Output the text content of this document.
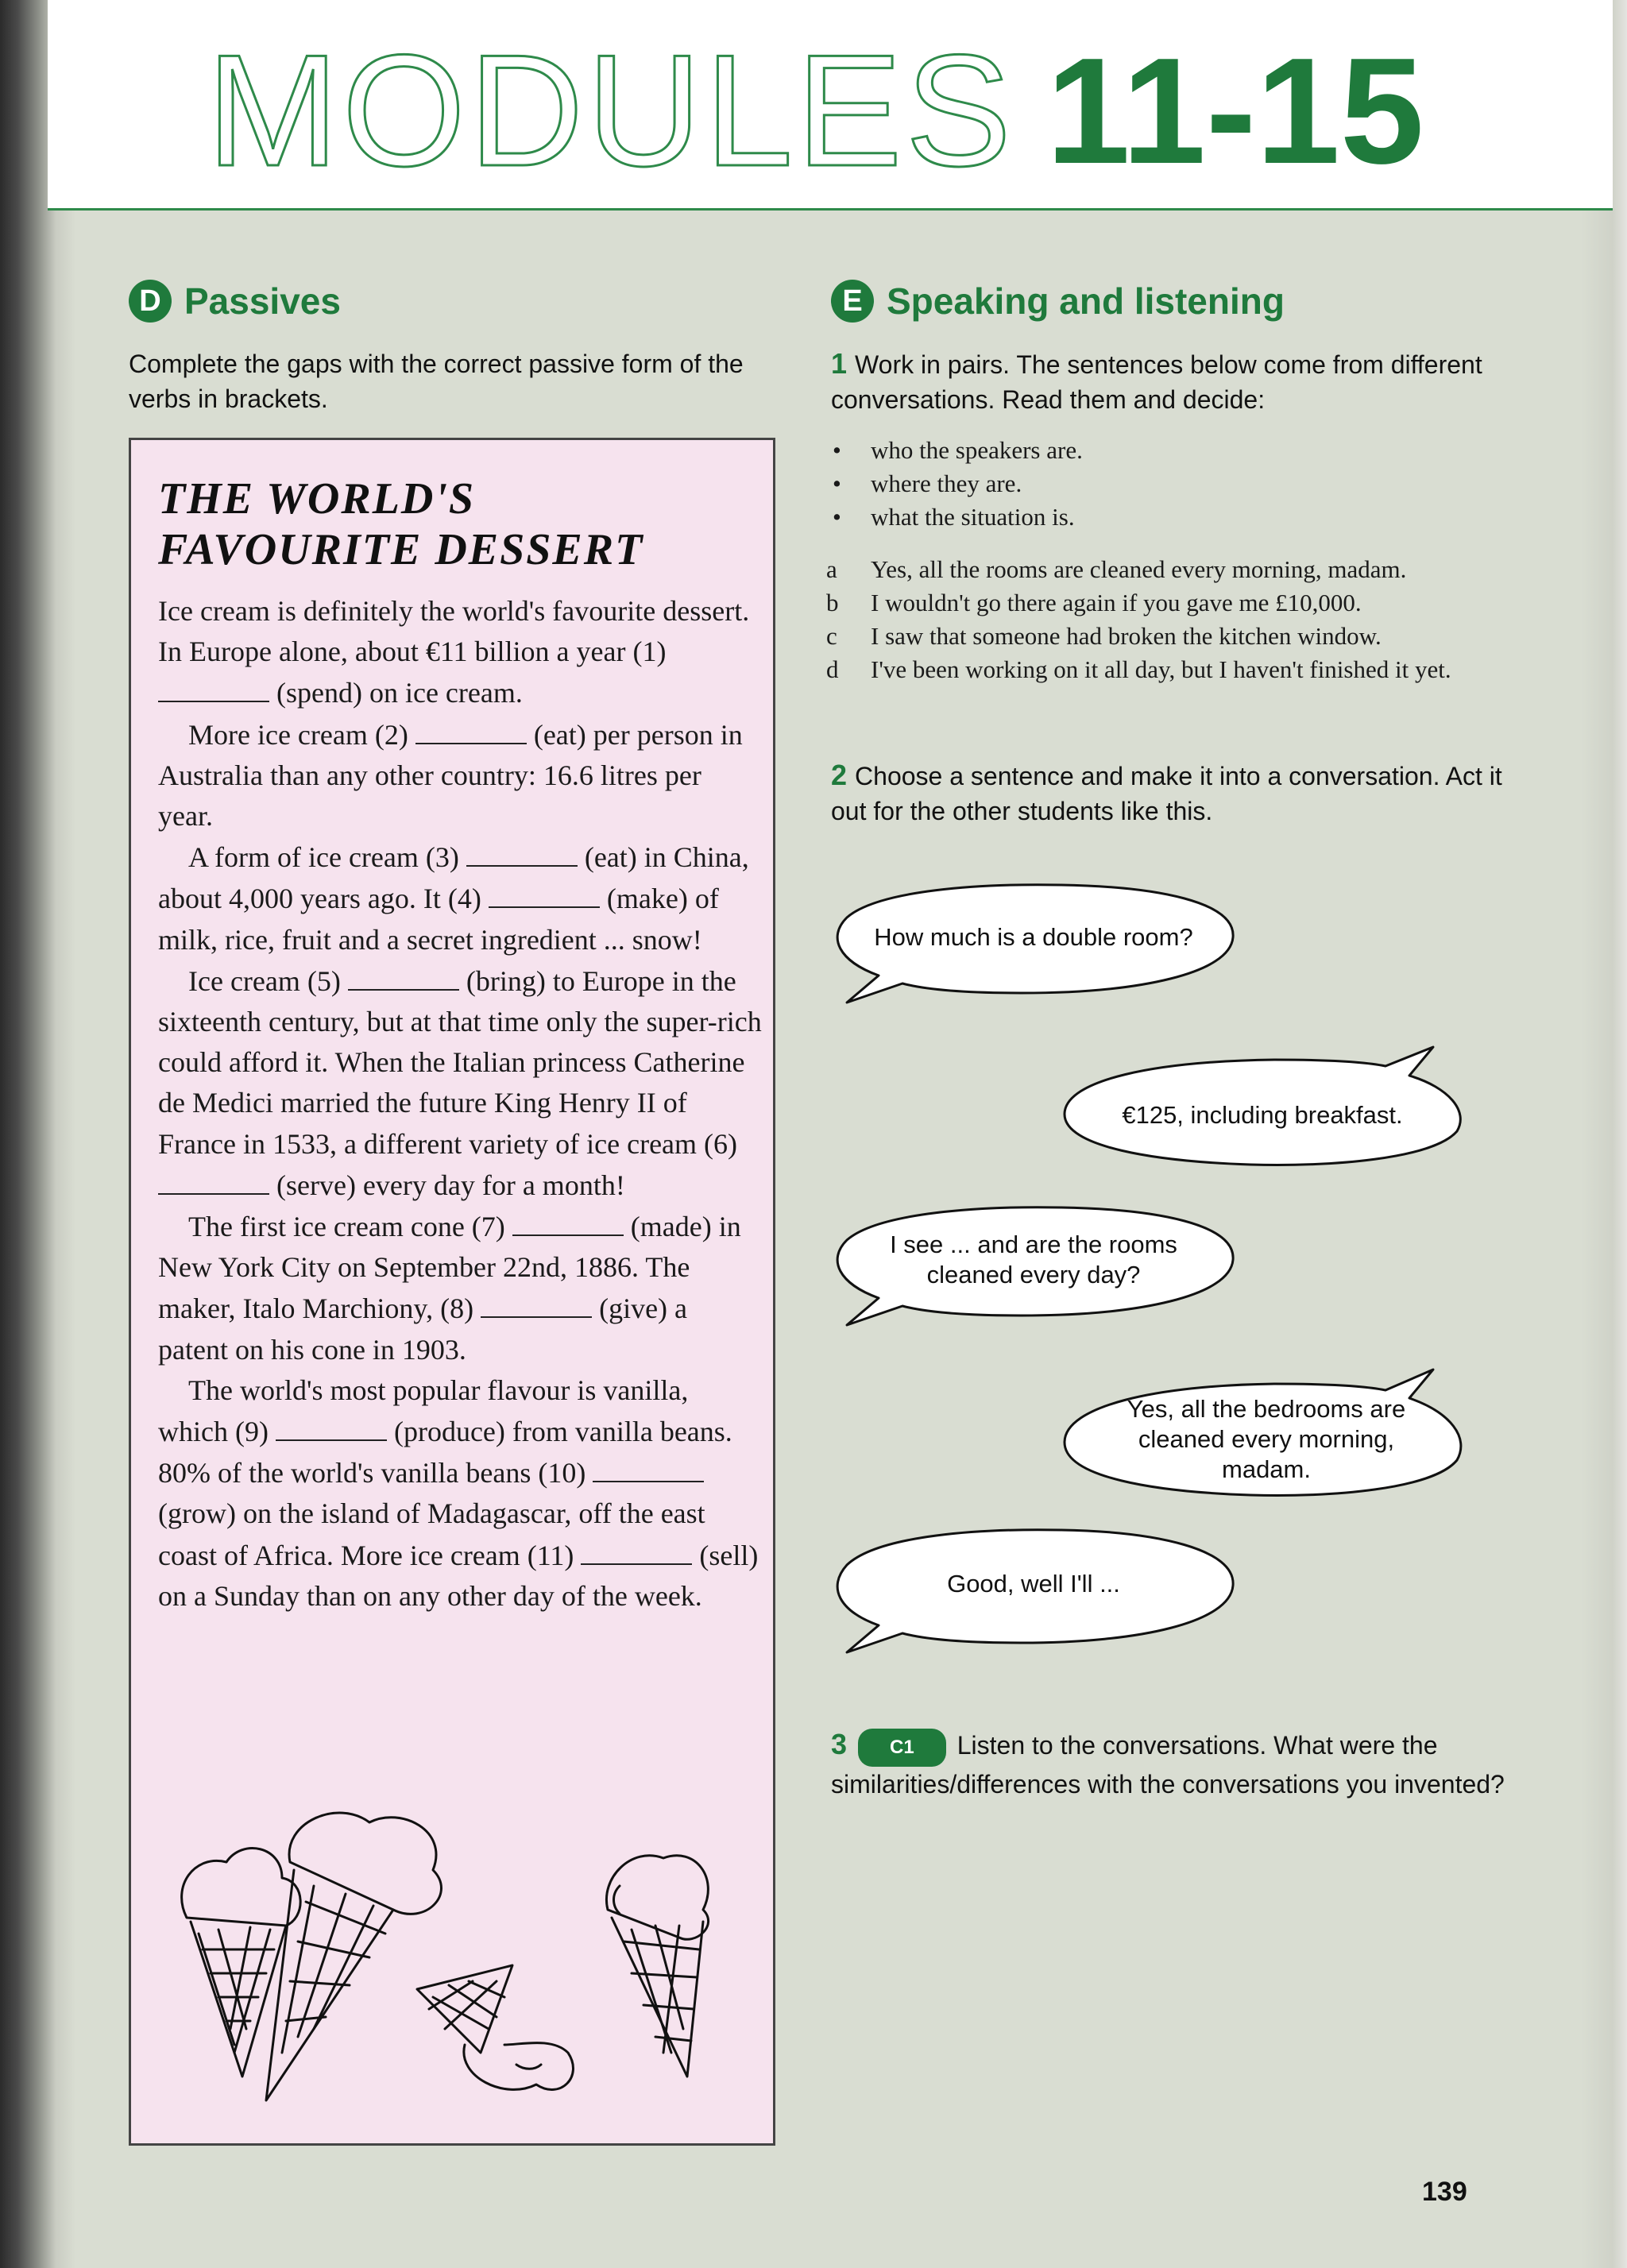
MODULES 11-15
D Passives
Complete the gaps with the correct passive form of the verbs in brackets.
THE WORLD'S
FAVOURITE DESSERT

Ice cream is definitely the world's favourite dessert. In Europe alone, about €11 billion a year (1)  (spend) on ice cream.

More ice cream (2)	(eat) per person in Australia than any other country: 16.6 litres per year.

A form of ice cream (3)	(eat) in China, about 4,000 years ago. It (4)	(make) of milk, rice, fruit and a secret ingredient ... snow!

Ice cream (5)	(bring) to Europe in the sixteenth century, but at that time only the super-rich could afford it. When the Italian princess Catherine de Medici married the future King Henry II of France in 1533, a different variety of ice cream (6)  (serve) every day for a month!

The first ice cream cone (7)	(made) in New York City on September 22nd, 1886. The maker, Italo Marchiony, (8)	(give) a patent on his cone in 1903.

The world's most popular flavour is vanilla, which (9)	(produce) from vanilla beans. 80% of the world's vanilla beans (10)  (grow) on the island of Madagascar, off the east coast of Africa. More ice cream (11)	(sell) on a Sunday than on any other day of the week.

E Speaking and listening
1 Work in pairs. The sentences below come from different conversations. Read them and decide:
• who the speakers are.
• where they are.
• what the situation is.
a Yes, all the rooms are cleaned every morning, madam.
b I wouldn't go there again if you gave me £10,000.
c I saw that someone had broken the kitchen window.
d I've been working on it all day, but I haven't finished it yet.
2 Choose a sentence and make it into a conversation. Act it out for the other students like this.
How much is a double room?
€125, including breakfast.
I see ... and are the rooms cleaned every day?
Yes, all the bedrooms are cleaned every morning, madam.
Good, well I'll ...
3 C1 Listen to the conversations. What were the similarities/differences with the conversations you invented?
139
